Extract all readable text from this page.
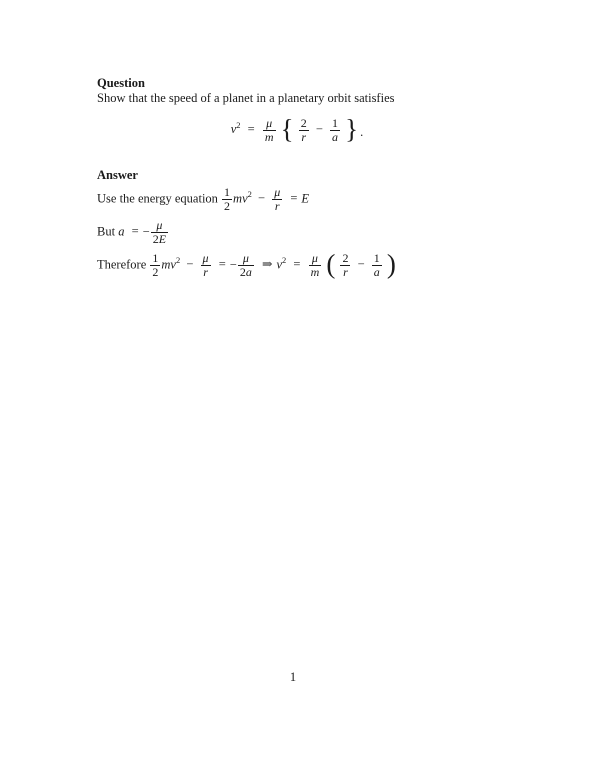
Question

Show that the speed of a planet in a planetary orbit satisfies

$v^2 = \frac{\mu}{m}$ { $\frac{2}{r} - \frac{1}{a}$ } .
Answer
Use the energy equation $\frac{1}{2} mv^2 - \frac{\mu}{r} = E$
But a = − $\frac{\mu}{2E}$
Therefore $\frac{1}{2} mv^2 - \frac{\mu}{r}$ = − $\frac{\mu}{2a}$ ⇒ $v^2 = \frac{\mu}{m}$ ( $\frac{2}{r} - \frac{1}{a}$ )
1
